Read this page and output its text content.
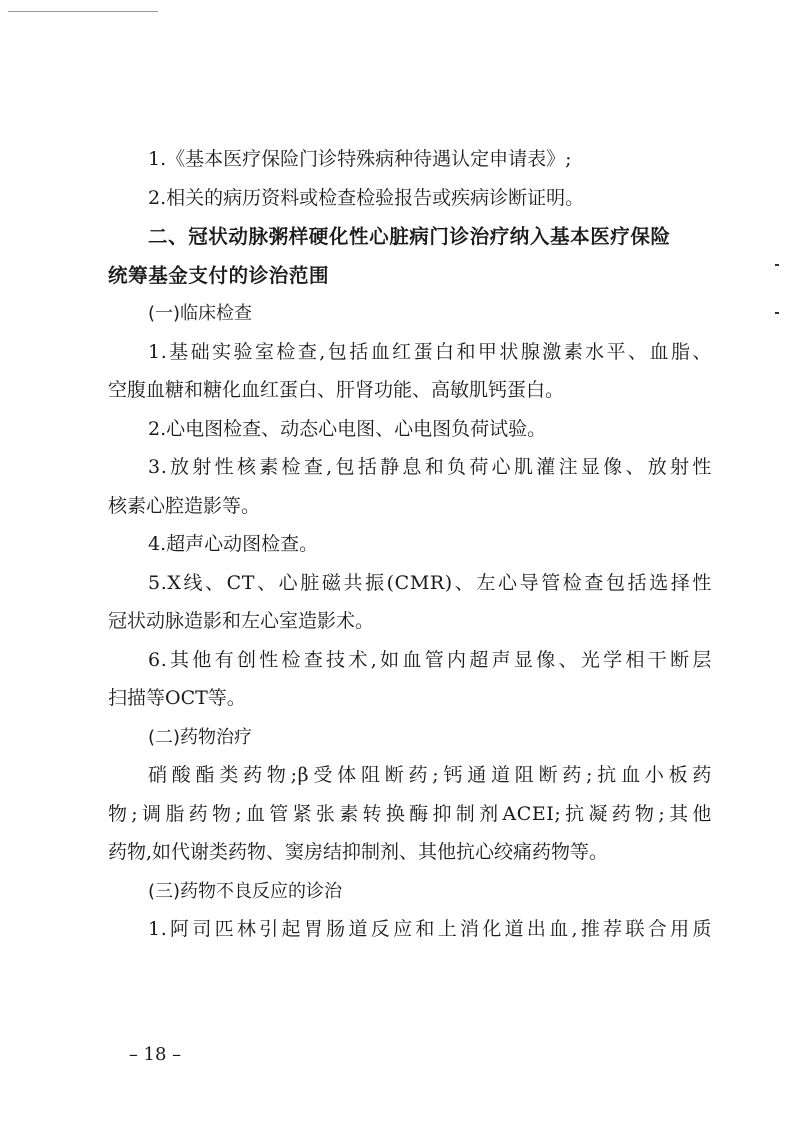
1.《基本医疗保险门诊特殊病种待遇认定申请表》;
2.相关的病历资料或检查检验报告或疾病诊断证明。
二、冠状动脉粥样硬化性心脏病门诊治疗纳入基本医疗保险
统筹基金支付的诊治范围
(一)临床检查
1.基础实验室检查,包括血红蛋白和甲状腺激素水平、血脂、
空腹血糖和糖化血红蛋白、肝肾功能、高敏肌钙蛋白。
2.心电图检查、动态心电图、心电图负荷试验。
3.放射性核素检查,包括静息和负荷心肌灌注显像、放射性
核素心腔造影等。
4.超声心动图检查。
5.X线、CT、心脏磁共振(CMR)、左心导管检查包括选择性
冠状动脉造影和左心室造影术。
6.其他有创性检查技术,如血管内超声显像、光学相干断层
扫描等OCT等。
(二)药物治疗
硝酸酯类药物;β受体阻断药;钙通道阻断药;抗血小板药
物;调脂药物;血管紧张素转换酶抑制剂ACEI;抗凝药物;其他
药物,如代谢类药物、窦房结抑制剂、其他抗心绞痛药物等。
(三)药物不良反应的诊治
1.阿司匹林引起胃肠道反应和上消化道出血,推荐联合用质
– 18 –
